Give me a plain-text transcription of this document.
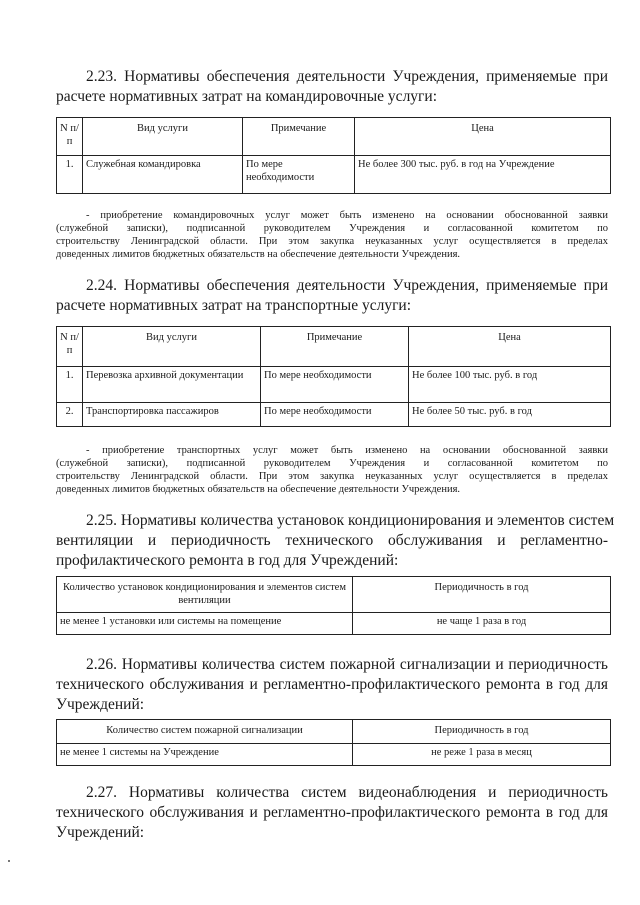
2.23. Нормативы обеспечения деятельности Учреждения, применяемые при
расчете нормативных затрат на командировочные услуги:
N п/п	Вид услуги	Примечание	Цена
1.	Служебная командировка	По мере необходимости	Не более 300 тыс. руб. в год на Учреждение
- приобретение командировочных услуг может быть изменено на основании обоснованной заявки
(служебной записки), подписанной руководителем Учреждения и согласованной комитетом по
строительству Ленинградской области. При этом закупка неуказанных услуг осуществляется в пределах
доведенных лимитов бюджетных обязательств на обеспечение деятельности Учреждения.
2.24. Нормативы обеспечения деятельности Учреждения, применяемые при
расчете нормативных затрат на транспортные услуги:
N п/п	Вид услуги	Примечание	Цена
1.	Перевозка архивной документации	По мере необходимости	Не более 100 тыс. руб. в год
2.	Транспортировка пассажиров	По мере необходимости	Не более 50 тыс. руб. в год
- приобретение транспортных услуг может быть изменено на основании обоснованной заявки
(служебной записки), подписанной руководителем Учреждения и согласованной комитетом по
строительству Ленинградской области. При этом закупка неуказанных услуг осуществляется в пределах
доведенных лимитов бюджетных обязательств на обеспечение деятельности Учреждения.
2.25. Нормативы количества установок кондиционирования и элементов систем
вентиляции и периодичность технического обслуживания и регламентно-
профилактического ремонта в год для Учреждений:
Количество установок кондиционирования и элементов систем вентиляции	Периодичность в год
не менее 1 установки или системы на помещение	не чаще 1 раза в год
2.26. Нормативы количества систем пожарной сигнализации и периодичность
технического обслуживания и регламентно-профилактического ремонта в год для
Учреждений:
Количество систем пожарной сигнализации	Периодичность в год
не менее 1 системы на Учреждение	не реже 1 раза в месяц
2.27. Нормативы количества систем видеонаблюдения и периодичность
технического обслуживания и регламентно-профилактического ремонта в год для
Учреждений:
